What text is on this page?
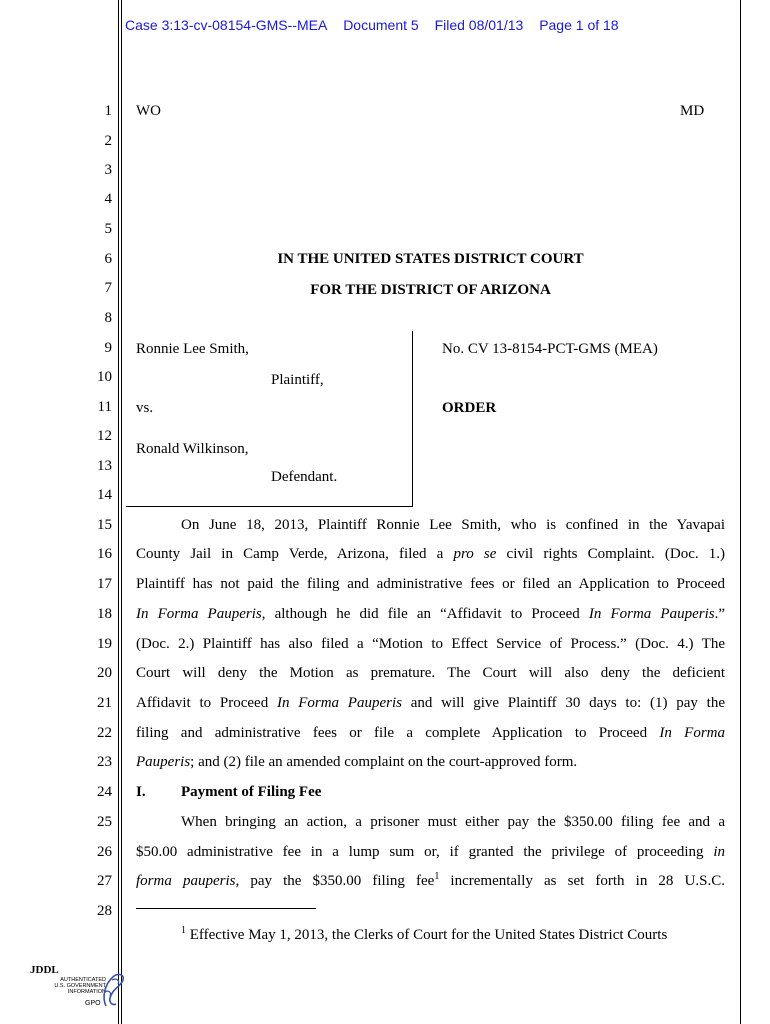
Case 3:13-cv-08154-GMS--MEA Document 5 Filed 08/01/13 Page 1 of 18
1
2
3
4
5
6
7
8
9
10
11
12
13
14
15
16
17
18
19
20
21
22
23
24
25
26
27
28
WO	MD
IN THE UNITED STATES DISTRICT COURT
FOR THE DISTRICT OF ARIZONA
Ronnie Lee Smith,
Plaintiff,
vs.
Ronald Wilkinson,
Defendant.
No. CV 13-8154-PCT-GMS (MEA)
ORDER
On June 18, 2013, Plaintiff Ronnie Lee Smith, who is confined in the Yavapai
County Jail in Camp Verde, Arizona, filed a pro se civil rights Complaint. (Doc. 1.)
Plaintiff has not paid the filing and administrative fees or filed an Application to Proceed
In Forma Pauperis, although he did file an “Affidavit to Proceed In Forma Pauperis.”
(Doc. 2.) Plaintiff has also filed a “Motion to Effect Service of Process.” (Doc. 4.) The
Court will deny the Motion as premature. The Court will also deny the deficient
Affidavit to Proceed In Forma Pauperis and will give Plaintiff 30 days to: (1) pay the
filing and administrative fees or file a complete Application to Proceed In Forma
Pauperis; and (2) file an amended complaint on the court-approved form.
I. Payment of Filing Fee
When bringing an action, a prisoner must either pay the $350.00 filing fee and a
$50.00 administrative fee in a lump sum or, if granted the privilege of proceeding in
forma pauperis, pay the $350.00 filing fee$^1$ incrementally as set forth in 28 U.S.C.
$^1$ Effective May 1, 2013, the Clerks of Court for the United States District Courts
JDDL
AUTHENTICATED
U.S. GOVERNMENT
INFORMATION
GPO
